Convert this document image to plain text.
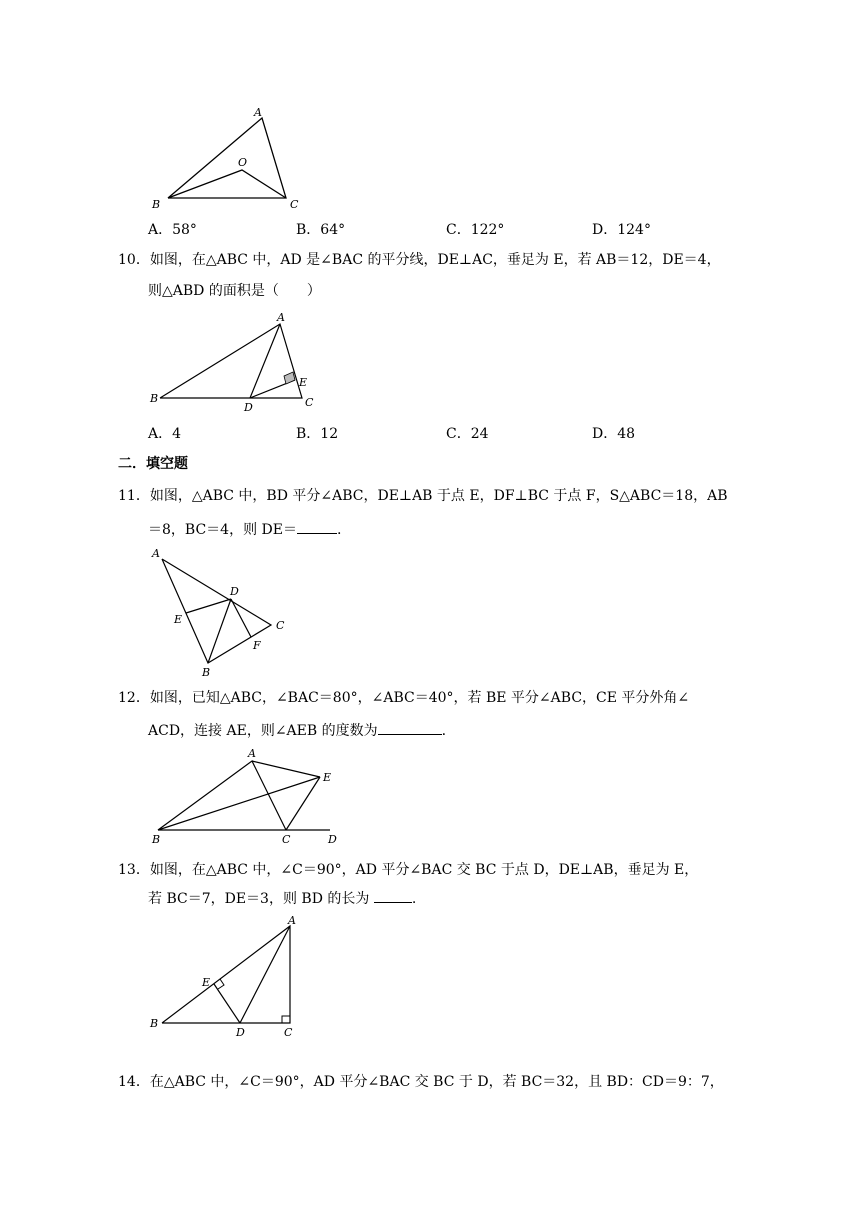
A
O
B	C
A．58°	B．64°	C．122°	D．124°
10．如图，在△ABC 中，AD 是∠BAC 的平分线，DE⊥AC，垂足为 E，若 AB＝12，DE＝4，
则△ABD 的面积是（　　）
A
B
D
E
C
A．4	B．12	C．24	D．48
二．填空题
11．如图，△ABC 中，BD 平分∠ABC，DE⊥AB 于点 E，DF⊥BC 于点 F，S△ABC＝18，AB
＝8，BC＝4，则 DE＝	.
A
D
E	C
F
B
12．如图，已知△ABC，∠BAC＝80°，∠ABC＝40°，若 BE 平分∠ABC，CE 平分外角∠
ACD，连接 AE，则∠AEB 的度数为	.
A
E
B	C	D
13．如图，在△ABC 中，∠C＝90°，AD 平分∠BAC 交 BC 于点 D，DE⊥AB，垂足为 E，
若 BC＝7，DE＝3，则 BD 的长为	.
A
E
B
D	C
14．在△ABC 中，∠C＝90°，AD 平分∠BAC 交 BC 于 D，若 BC＝32，且 BD：CD＝9：7，
